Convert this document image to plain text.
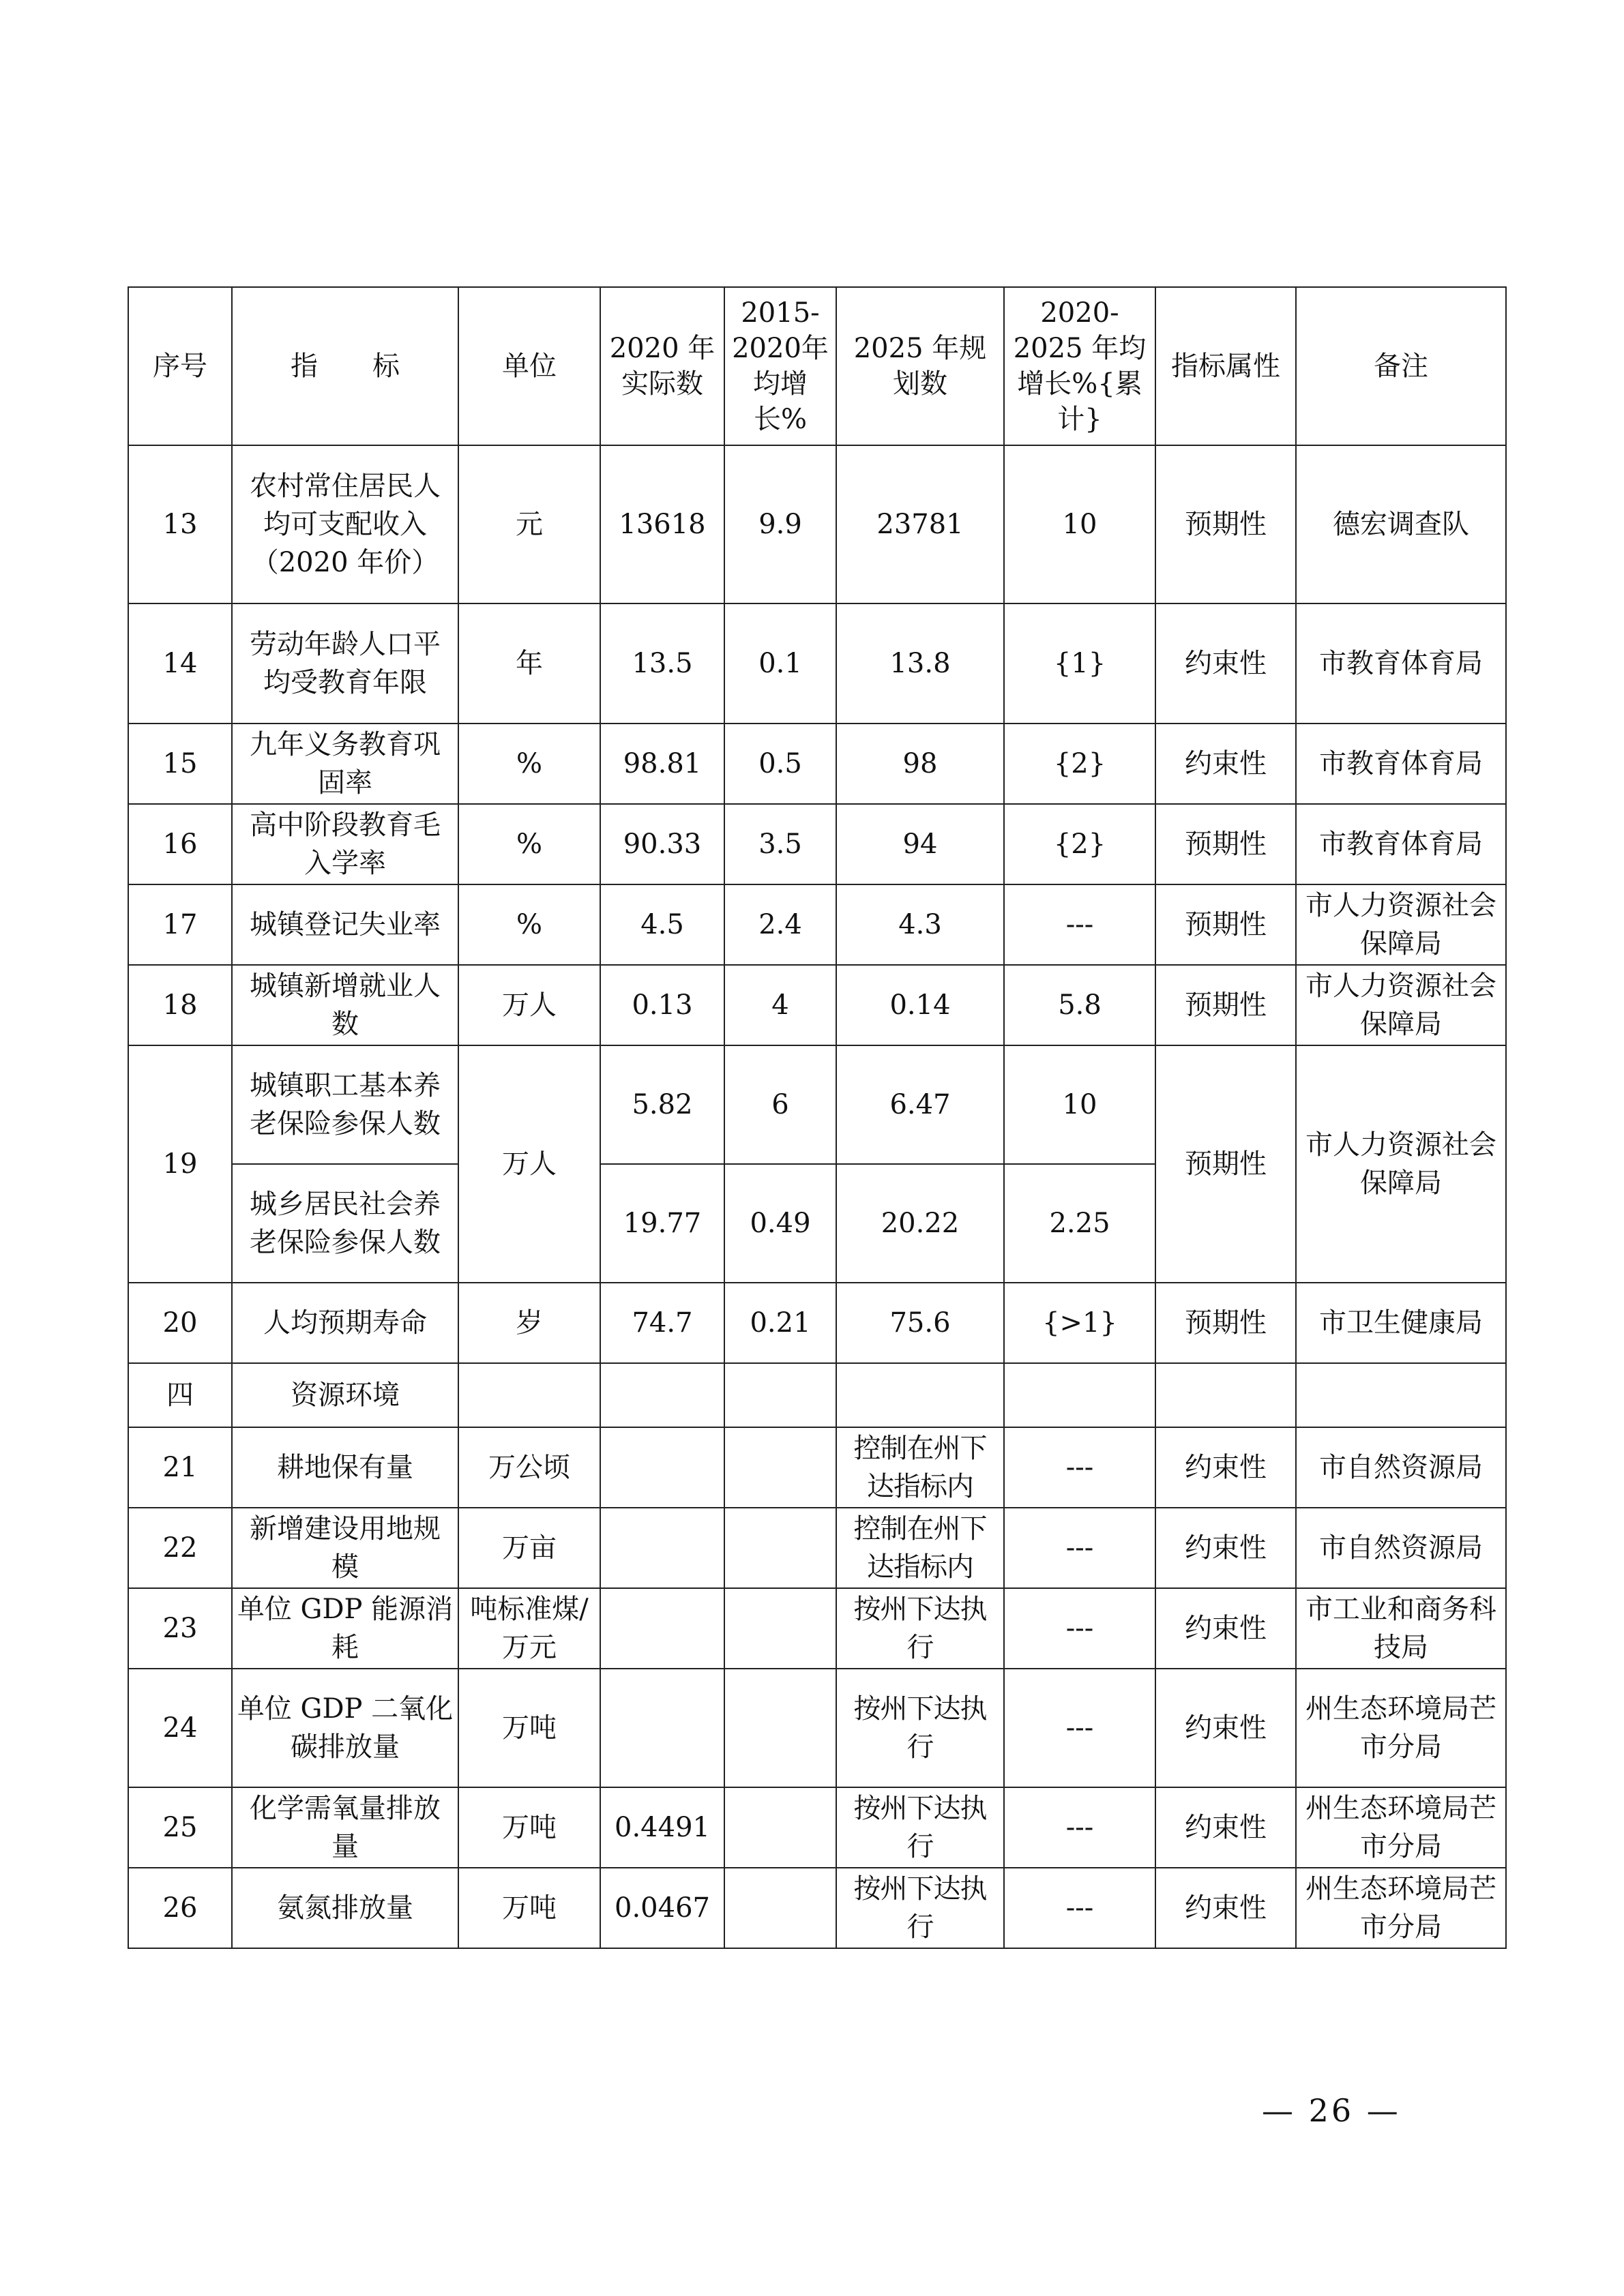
序号	指　　标	单位	2020 年实际数	2015-2020年均增长%	2025 年规划数	2020-2025 年均增长%{累计}	指标属性	备注
13	农村常住居民人均可支配收入（2020 年价）	元	13618	9.9	23781	10	预期性	德宏调查队
14	劳动年龄人口平均受教育年限	年	13.5	0.1	13.8	{1}	约束性	市教育体育局
15	九年义务教育巩固率	%	98.81	0.5	98	{2}	约束性	市教育体育局
16	高中阶段教育毛入学率	%	90.33	3.5	94	{2}	预期性	市教育体育局
17	城镇登记失业率	%	4.5	2.4	4.3	---	预期性	市人力资源社会保障局
18	城镇新增就业人数	万人	0.13	4	0.14	5.8	预期性	市人力资源社会保障局
19	城镇职工基本养老保险参保人数	万人	5.82	6	6.47	10	预期性	市人力资源社会保障局
	城乡居民社会养老保险参保人数		19.77	0.49	20.22	2.25		
20	人均预期寿命	岁	74.7	0.21	75.6	{>1}	预期性	市卫生健康局
四	资源环境							
21	耕地保有量	万公顷			控制在州下达指标内	---	约束性	市自然资源局
22	新增建设用地规模	万亩			控制在州下达指标内	---	约束性	市自然资源局
23	单位 GDP 能源消耗	吨标准煤/万元			按州下达执行	---	约束性	市工业和商务科技局
24	单位 GDP 二氧化碳排放量	万吨			按州下达执行	---	约束性	州生态环境局芒市分局
25	化学需氧量排放量	万吨	0.4491		按州下达执行	---	约束性	州生态环境局芒市分局
26	氨氮排放量	万吨	0.0467		按州下达执行	---	约束性	州生态环境局芒市分局
— 26 —
